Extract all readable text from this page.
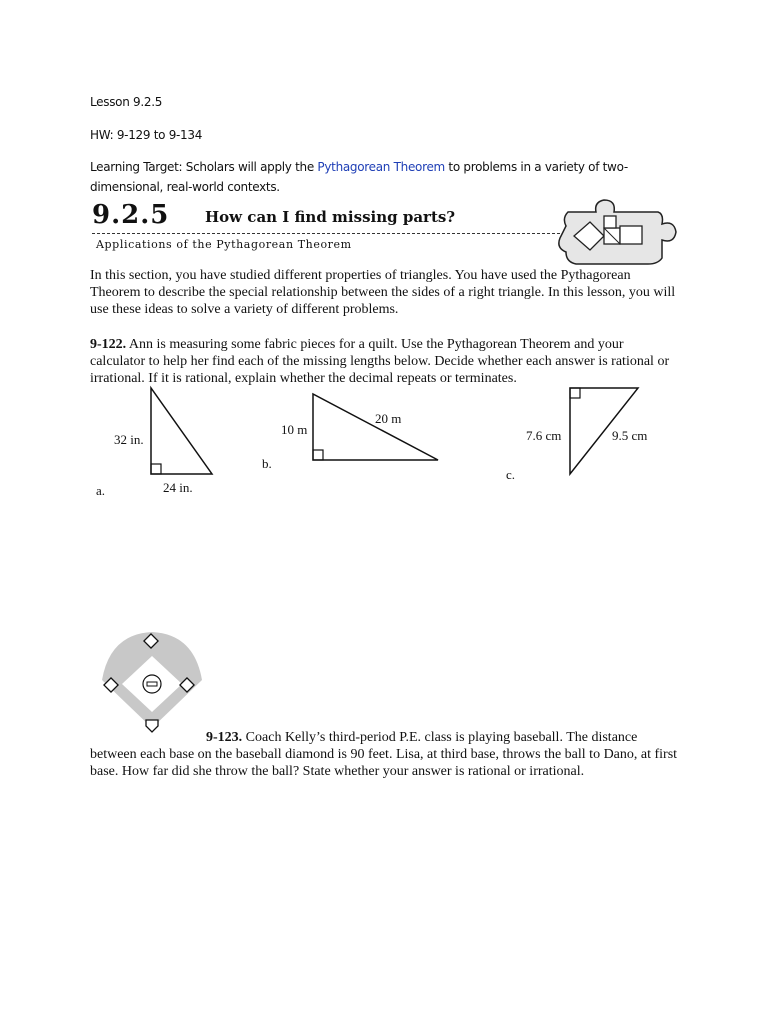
Lesson 9.2.5
HW: 9-129 to 9-134
Learning Target: Scholars will apply the Pythagorean Theorem to problems in a variety of two-
dimensional, real-world contexts.
9.2.5 How can I find missing parts?
Applications of the Pythagorean Theorem
In this section, you have studied different properties of triangles. You have used the Pythagorean
Theorem to describe the special relationship between the sides of a right triangle. In this lesson, you will
use these ideas to solve a variety of different problems.
9-122. Ann is measuring some fabric pieces for a quilt. Use the Pythagorean Theorem and your
calculator to help her find each of the missing lengths below. Decide whether each answer is rational or
irrational. If it is rational, explain whether the decimal repeats or terminates.
32 in.
24 in.
a.
10 m
20 m
b.
7.6 cm	9.5 cm
c.
9-123. Coach Kelly’s third-period P.E. class is playing baseball. The distance
between each base on the baseball diamond is 90 feet. Lisa, at third base, throws the ball to Dano, at first
base. How far did she throw the ball? State whether your answer is rational or irrational.
